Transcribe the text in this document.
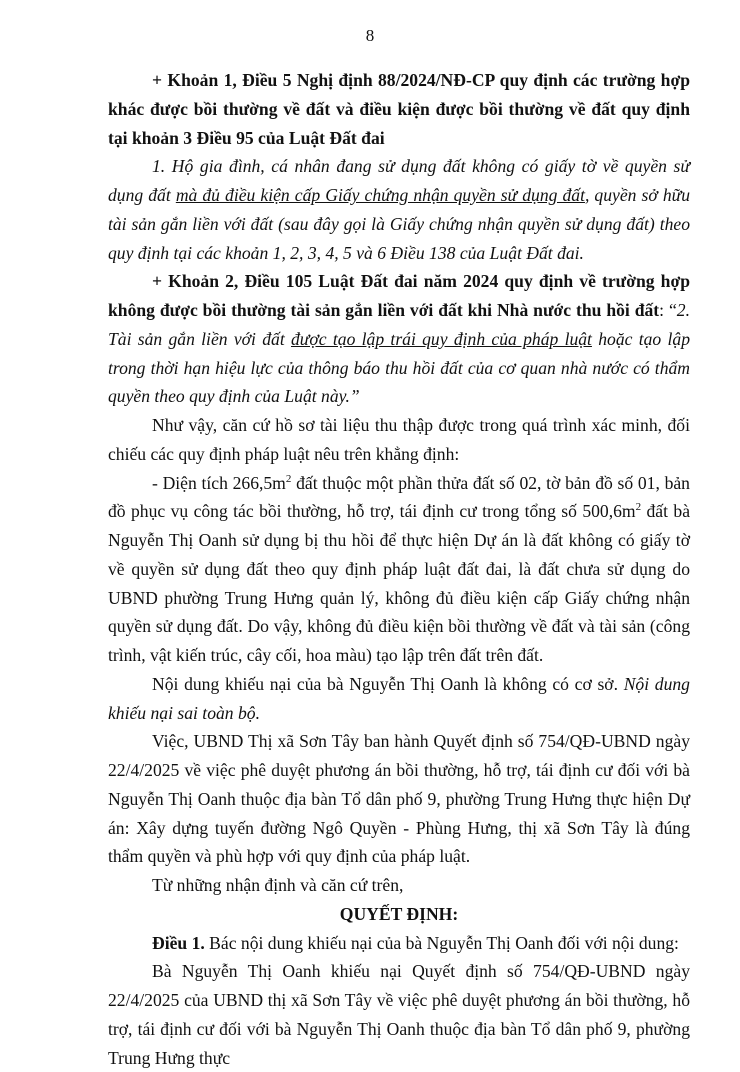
8

+ Khoản 1, Điều 5 Nghị định 88/2024/NĐ-CP quy định các trường hợp khác được bồi thường về đất và điều kiện được bồi thường về đất quy định tại khoản 3 Điều 95 của Luật Đất đai

1. Hộ gia đình, cá nhân đang sử dụng đất không có giấy tờ về quyền sử dụng đất mà đủ điều kiện cấp Giấy chứng nhận quyền sử dụng đất, quyền sở hữu tài sản gắn liền với đất (sau đây gọi là Giấy chứng nhận quyền sử dụng đất) theo quy định tại các khoản 1, 2, 3, 4, 5 và 6 Điều 138 của Luật Đất đai.

+ Khoản 2, Điều 105 Luật Đất đai năm 2024 quy định về trường hợp không được bồi thường tài sản gắn liền với đất khi Nhà nước thu hồi đất: “2. Tài sản gắn liền với đất được tạo lập trái quy định của pháp luật hoặc tạo lập trong thời hạn hiệu lực của thông báo thu hồi đất của cơ quan nhà nước có thẩm quyền theo quy định của Luật này.”

Như vậy, căn cứ hồ sơ tài liệu thu thập được trong quá trình xác minh, đối chiếu các quy định pháp luật nêu trên khẳng định:

- Diện tích $266,5m^2$ đất thuộc một phần thửa đất số 02, tờ bản đồ số 01, bản đồ phục vụ công tác bồi thường, hỗ trợ, tái định cư trong tổng số $500,6m^2$ đất bà Nguyễn Thị Oanh sử dụng bị thu hồi để thực hiện Dự án là đất không có giấy tờ về quyền sử dụng đất theo quy định pháp luật đất đai, là đất chưa sử dụng do UBND phường Trung Hưng quản lý, không đủ điều kiện cấp Giấy chứng nhận quyền sử dụng đất. Do vậy, không đủ điều kiện bồi thường về đất và tài sản (công trình, vật kiến trúc, cây cối, hoa màu) tạo lập trên đất trên đất.

Nội dung khiếu nại của bà Nguyễn Thị Oanh là không có cơ sở. Nội dung khiếu nại sai toàn bộ.

Việc, UBND Thị xã Sơn Tây ban hành Quyết định số 754/QĐ-UBND ngày 22/4/2025 về việc phê duyệt phương án bồi thường, hỗ trợ, tái định cư đối với bà Nguyễn Thị Oanh thuộc địa bàn Tổ dân phố 9, phường Trung Hưng thực hiện Dự án: Xây dựng tuyến đường Ngô Quyền - Phùng Hưng, thị xã Sơn Tây là đúng thẩm quyền và phù hợp với quy định của pháp luật.

Từ những nhận định và căn cứ trên,

QUYẾT ĐỊNH:

Điều 1. Bác nội dung khiếu nại của bà Nguyễn Thị Oanh đối với nội dung:

Bà Nguyễn Thị Oanh khiếu nại Quyết định số 754/QĐ-UBND ngày 22/4/2025 của UBND thị xã Sơn Tây về việc phê duyệt phương án bồi thường, hỗ trợ, tái định cư đối với bà Nguyễn Thị Oanh thuộc địa bàn Tổ dân phố 9, phường Trung Hưng thực
